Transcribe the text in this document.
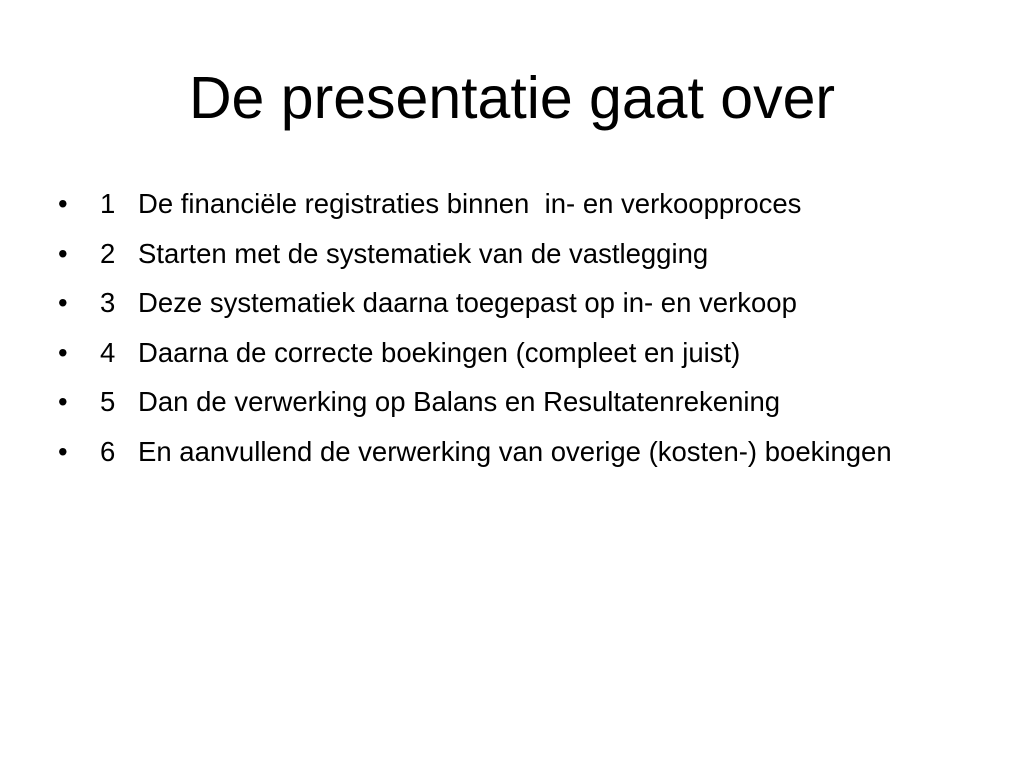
De presentatie gaat over
•	1 De financiële registraties binnen  in- en verkoopproces
•	2 Starten met de systematiek van de vastlegging
•	3 Deze systematiek daarna toegepast op in- en verkoop
•	4 Daarna de correcte boekingen (compleet en juist)
•	5 Dan de verwerking op Balans en Resultatenrekening
•	6 En aanvullend de verwerking van overige (kosten-) boekingen
